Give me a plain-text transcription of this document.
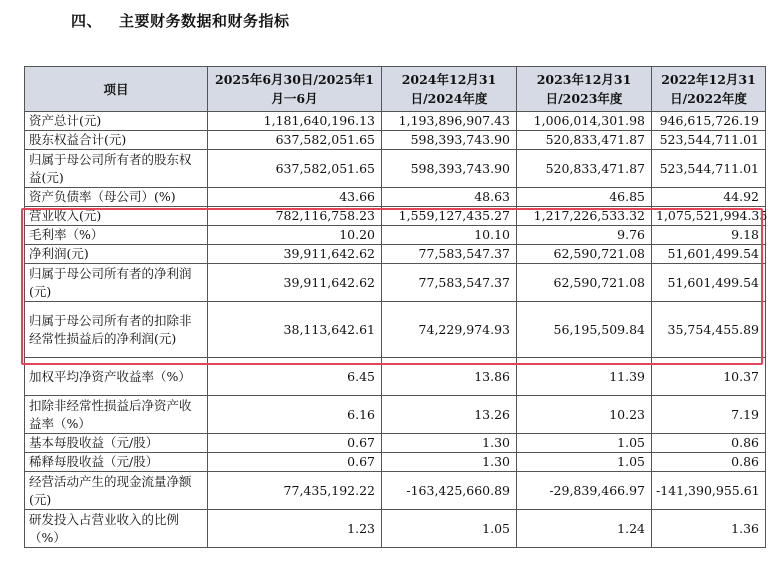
四、 主要财务数据和财务指标
项目	2025年6月30日/2025年1月一6月	2024年12月31日/2024年度	2023年12月31日/2023年度	2022年12月31日/2022年度
资产总计(元)	1,181,640,196.13	1,193,896,907.43	1,006,014,301.98	946,615,726.19
股东权益合计(元)	637,582,051.65	598,393,743.90	520,833,471.87	523,544,711.01
归属于母公司所有者的股东权益(元)	637,582,051.65	598,393,743.90	520,833,471.87	523,544,711.01
资产负债率（母公司）(%)	43.66	48.63	46.85	44.92
营业收入(元)	782,116,758.23	1,559,127,435.27	1,217,226,533.32	1,075,521,994.35
毛利率（%）	10.20	10.10	9.76	9.18
净利润(元)	39,911,642.62	77,583,547.37	62,590,721.08	51,601,499.54
归属于母公司所有者的净利润(元)	39,911,642.62	77,583,547.37	62,590,721.08	51,601,499.54
归属于母公司所有者的扣除非经常性损益后的净利润(元)	38,113,642.61	74,229,974.93	56,195,509.84	35,754,455.89
加权平均净资产收益率（%）	6.45	13.86	11.39	10.37
扣除非经常性损益后净资产收益率（%）	6.16	13.26	10.23	7.19
基本每股收益（元/股）	0.67	1.30	1.05	0.86
稀释每股收益（元/股）	0.67	1.30	1.05	0.86
经营活动产生的现金流量净额(元)	77,435,192.22	-163,425,660.89	-29,839,466.97	-141,390,955.61
研发投入占营业收入的比例（%）	1.23	1.05	1.24	1.36
